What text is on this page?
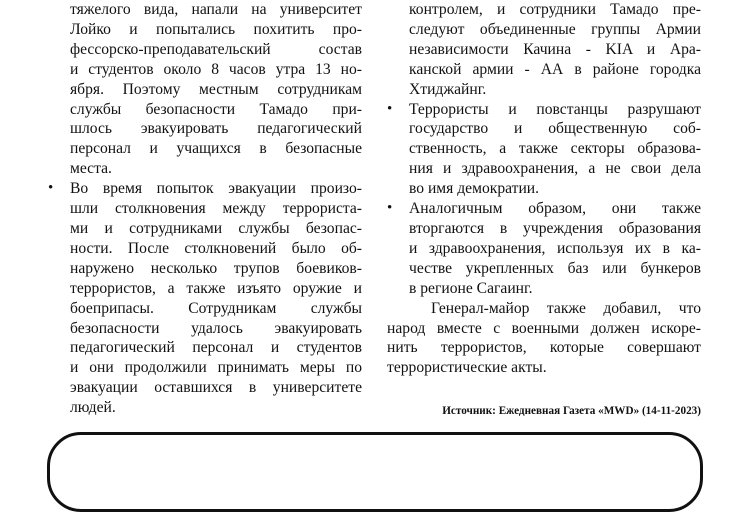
тяжелого вида, напали на университет
Лойко и попытались похитить про-
фессорско-преподавательский состав
и студентов около 8 часов утра 13 но-
ября. Поэтому местным сотрудникам
службы безопасности Тамадо при-
шлось эвакуировать педагогический
персонал и учащихся в безопасные
места.
• Во время попыток эвакуации произо-
шли столкновения между террориста-
ми и сотрудниками службы безопас-
ности. После столкновений было об-
наружено несколько трупов боевиков-
террористов, а также изъято оружие и
боеприпасы. Сотрудникам службы
безопасности удалось эвакуировать
педагогический персонал и студентов
и они продолжили принимать меры по
эвакуации оставшихся в университете
людей.
контролем, и сотрудники Тамадо пре-
следуют объединенные группы Армии
независимости Качина - KIA и Ара-
канской армии - АА в районе городка
Хтиджайнг.
• Террористы и повстанцы разрушают
государство и общественную соб-
ственность, а также секторы образова-
ния и здравоохранения, а не свои дела
во имя демократии.
• Аналогичным образом, они также
вторгаются в учреждения образования
и здравоохранения, используя их в ка-
честве укрепленных баз или бункеров
в регионе Сагаинг.
Генерал-майор также добавил, что
народ вместе с военными должен искоре-
нить террористов, которые совершают
террористические акты.
Источник: Ежедневная Газета «MWD» (14-11-2023)
